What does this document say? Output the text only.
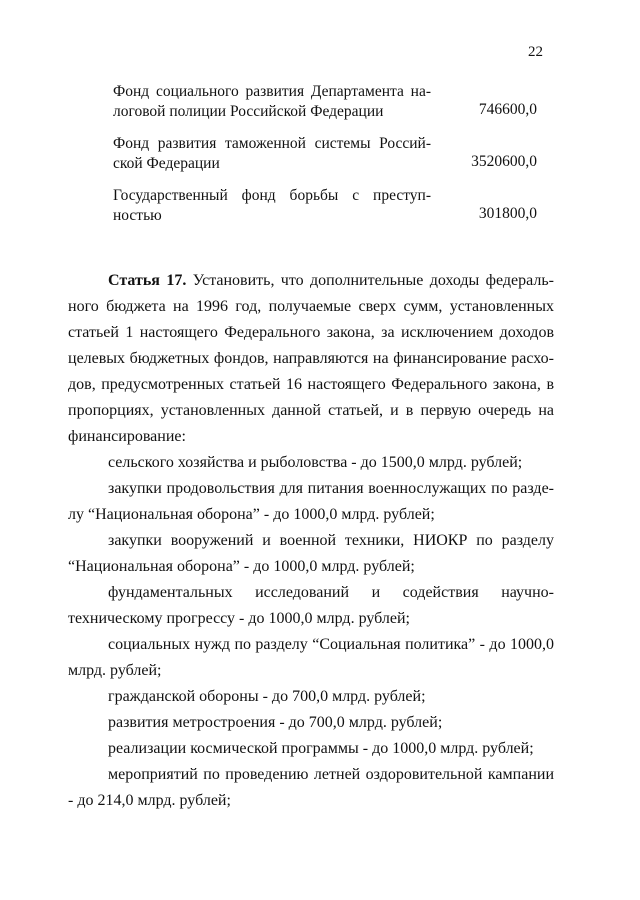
22
Фонд социального развития Департамента на-логовой полиции Российской Федерации	746600,0
Фонд развития таможенной системы Россий-ской Федерации	3520600,0
Государственный фонд борьбы с преступ-ностью	301800,0

Статья 17. Установить, что дополнительные доходы федераль-ного бюджета на 1996 год, получаемые сверх сумм, установленных статьей 1 настоящего Федерального закона, за исключением доходов целевых бюджетных фондов, направляются на финансирование расхо-дов, предусмотренных статьей 16 настоящего Федерального закона, в пропорциях, установленных данной статьей, и в первую очередь на финансирование:

сельского хозяйства и рыболовства - до 1500,0 млрд. рублей;

закупки продовольствия для питания военнослужащих по разде-лу “Национальная оборона” - до 1000,0 млрд. рублей;

закупки вооружений и военной техники, НИОКР по разделу “Национальная оборона” - до 1000,0 млрд. рублей;

фундаментальных исследований и содействия научно-техническому прогрессу - до 1000,0 млрд. рублей;

социальных нужд по разделу “Социальная политика” - до 1000,0 млрд. рублей;

гражданской обороны - до 700,0 млрд. рублей;

развития метростроения - до 700,0 млрд. рублей;

реализации космической программы - до 1000,0 млрд. рублей;

мероприятий по проведению летней оздоровительной кампании - до 214,0 млрд. рублей;
